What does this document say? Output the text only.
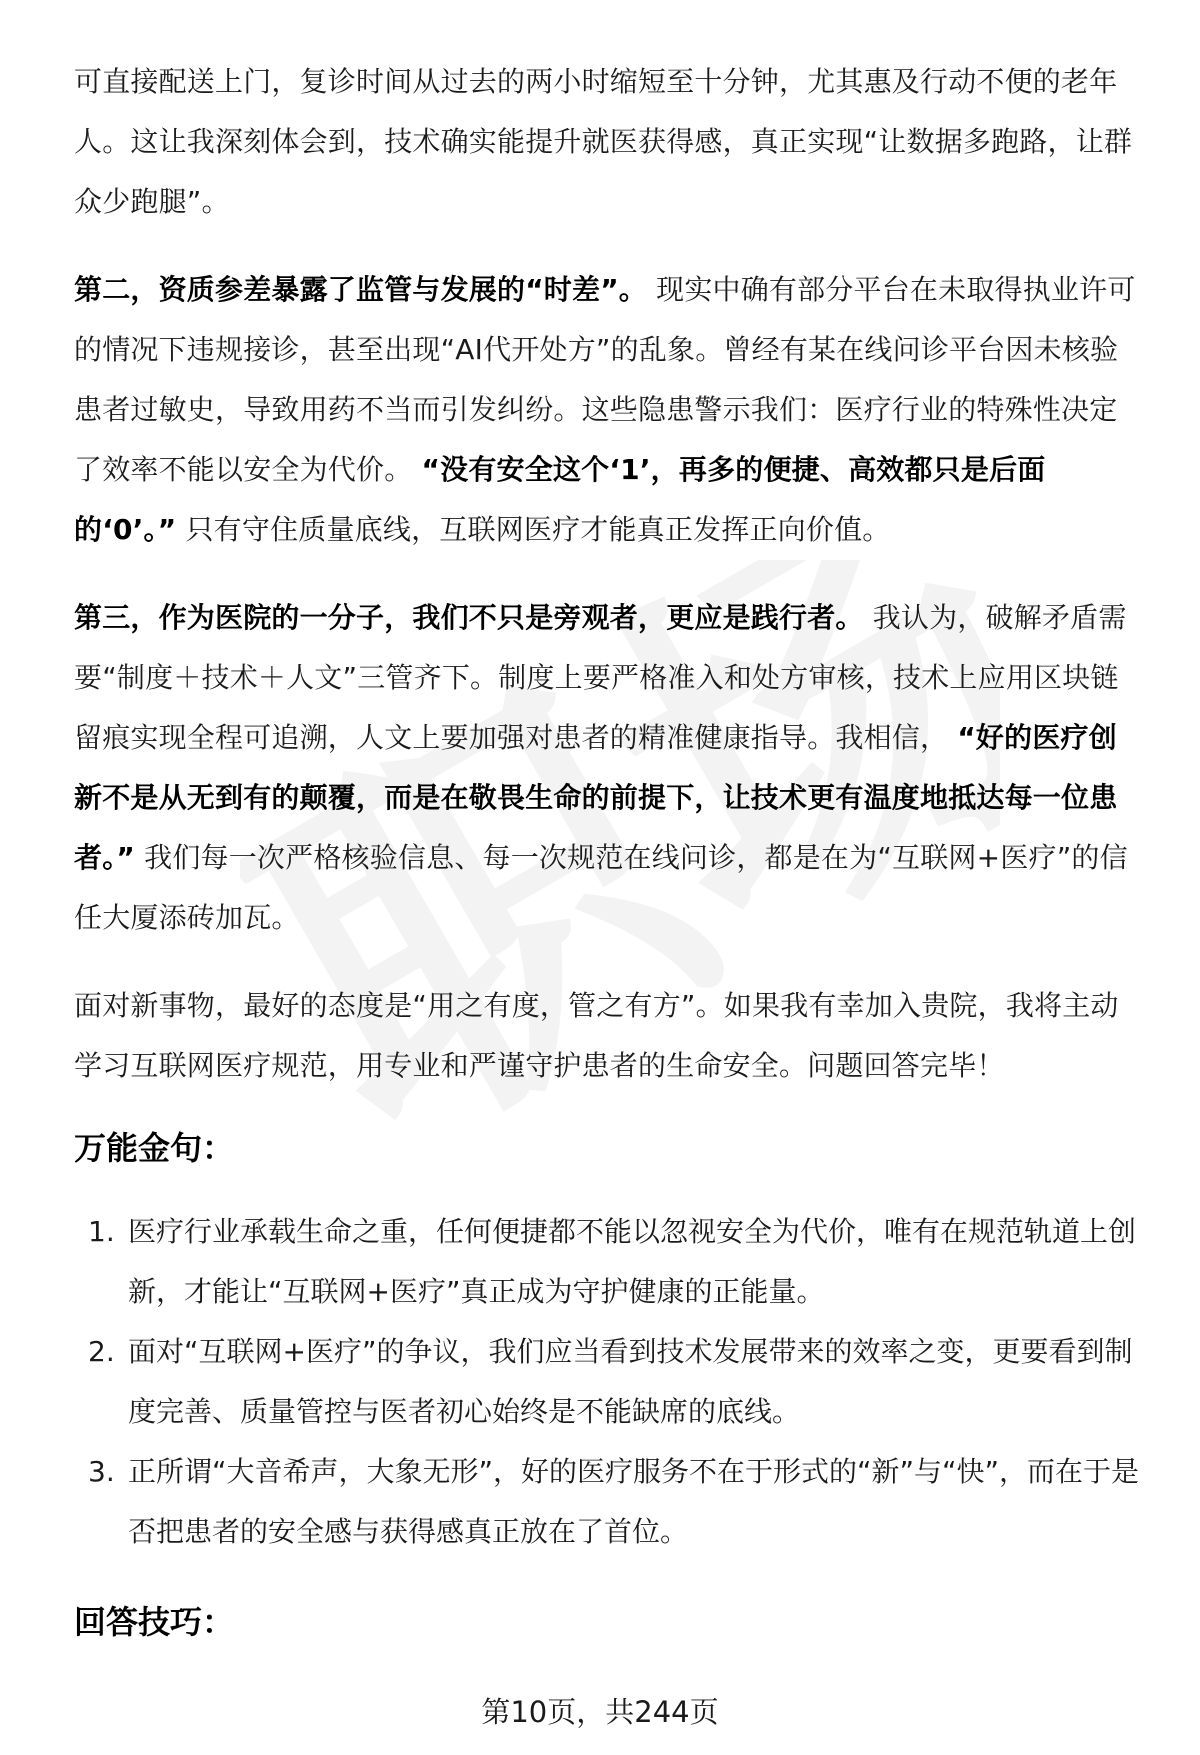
可直接配送上门，复诊时间从过去的两小时缩短至十分钟，尤其惠及行动不便的老年人。这让我深刻体会到，技术确实能提升就医获得感，真正实现“让数据多跑路，让群众少跑腿”。

第二，资质参差暴露了监管与发展的“时差”。 现实中确有部分平台在未取得执业许可的情况下违规接诊，甚至出现“AI代开处方”的乱象。曾经有某在线问诊平台因未核验患者过敏史，导致用药不当而引发纠纷。这些隐患警示我们：医疗行业的特殊性决定了效率不能以安全为代价。 “没有安全这个‘1’，再多的便捷、高效都只是后面的‘0’。” 只有守住质量底线，互联网医疗才能真正发挥正向价值。

第三，作为医院的一分子，我们不只是旁观者，更应是践行者。 我认为，破解矛盾需要“制度＋技术＋人文”三管齐下。制度上要严格准入和处方审核，技术上应用区块链留痕实现全程可追溯，人文上要加强对患者的精准健康指导。我相信， “好的医疗创新不是从无到有的颠覆，而是在敬畏生命的前提下，让技术更有温度地抵达每一位患者。” 我们每一次严格核验信息、每一次规范在线问诊，都是在为“互联网+医疗”的信任大厦添砖加瓦。

面对新事物，最好的态度是“用之有度，管之有方”。如果我有幸加入贵院，我将主动学习互联网医疗规范，用专业和严谨守护患者的生命安全。问题回答完毕！

万能金句：
1. 医疗行业承载生命之重，任何便捷都不能以忽视安全为代价，唯有在规范轨道上创新，才能让“互联网+医疗”真正成为守护健康的正能量。
2. 面对“互联网+医疗”的争议，我们应当看到技术发展带来的效率之变，更要看到制度完善、质量管控与医者初心始终是不能缺席的底线。
3. 正所谓“大音希声，大象无形”，好的医疗服务不在于形式的“新”与“快”，而在于是否把患者的安全感与获得感真正放在了首位。
回答技巧：
第10页，共244页
